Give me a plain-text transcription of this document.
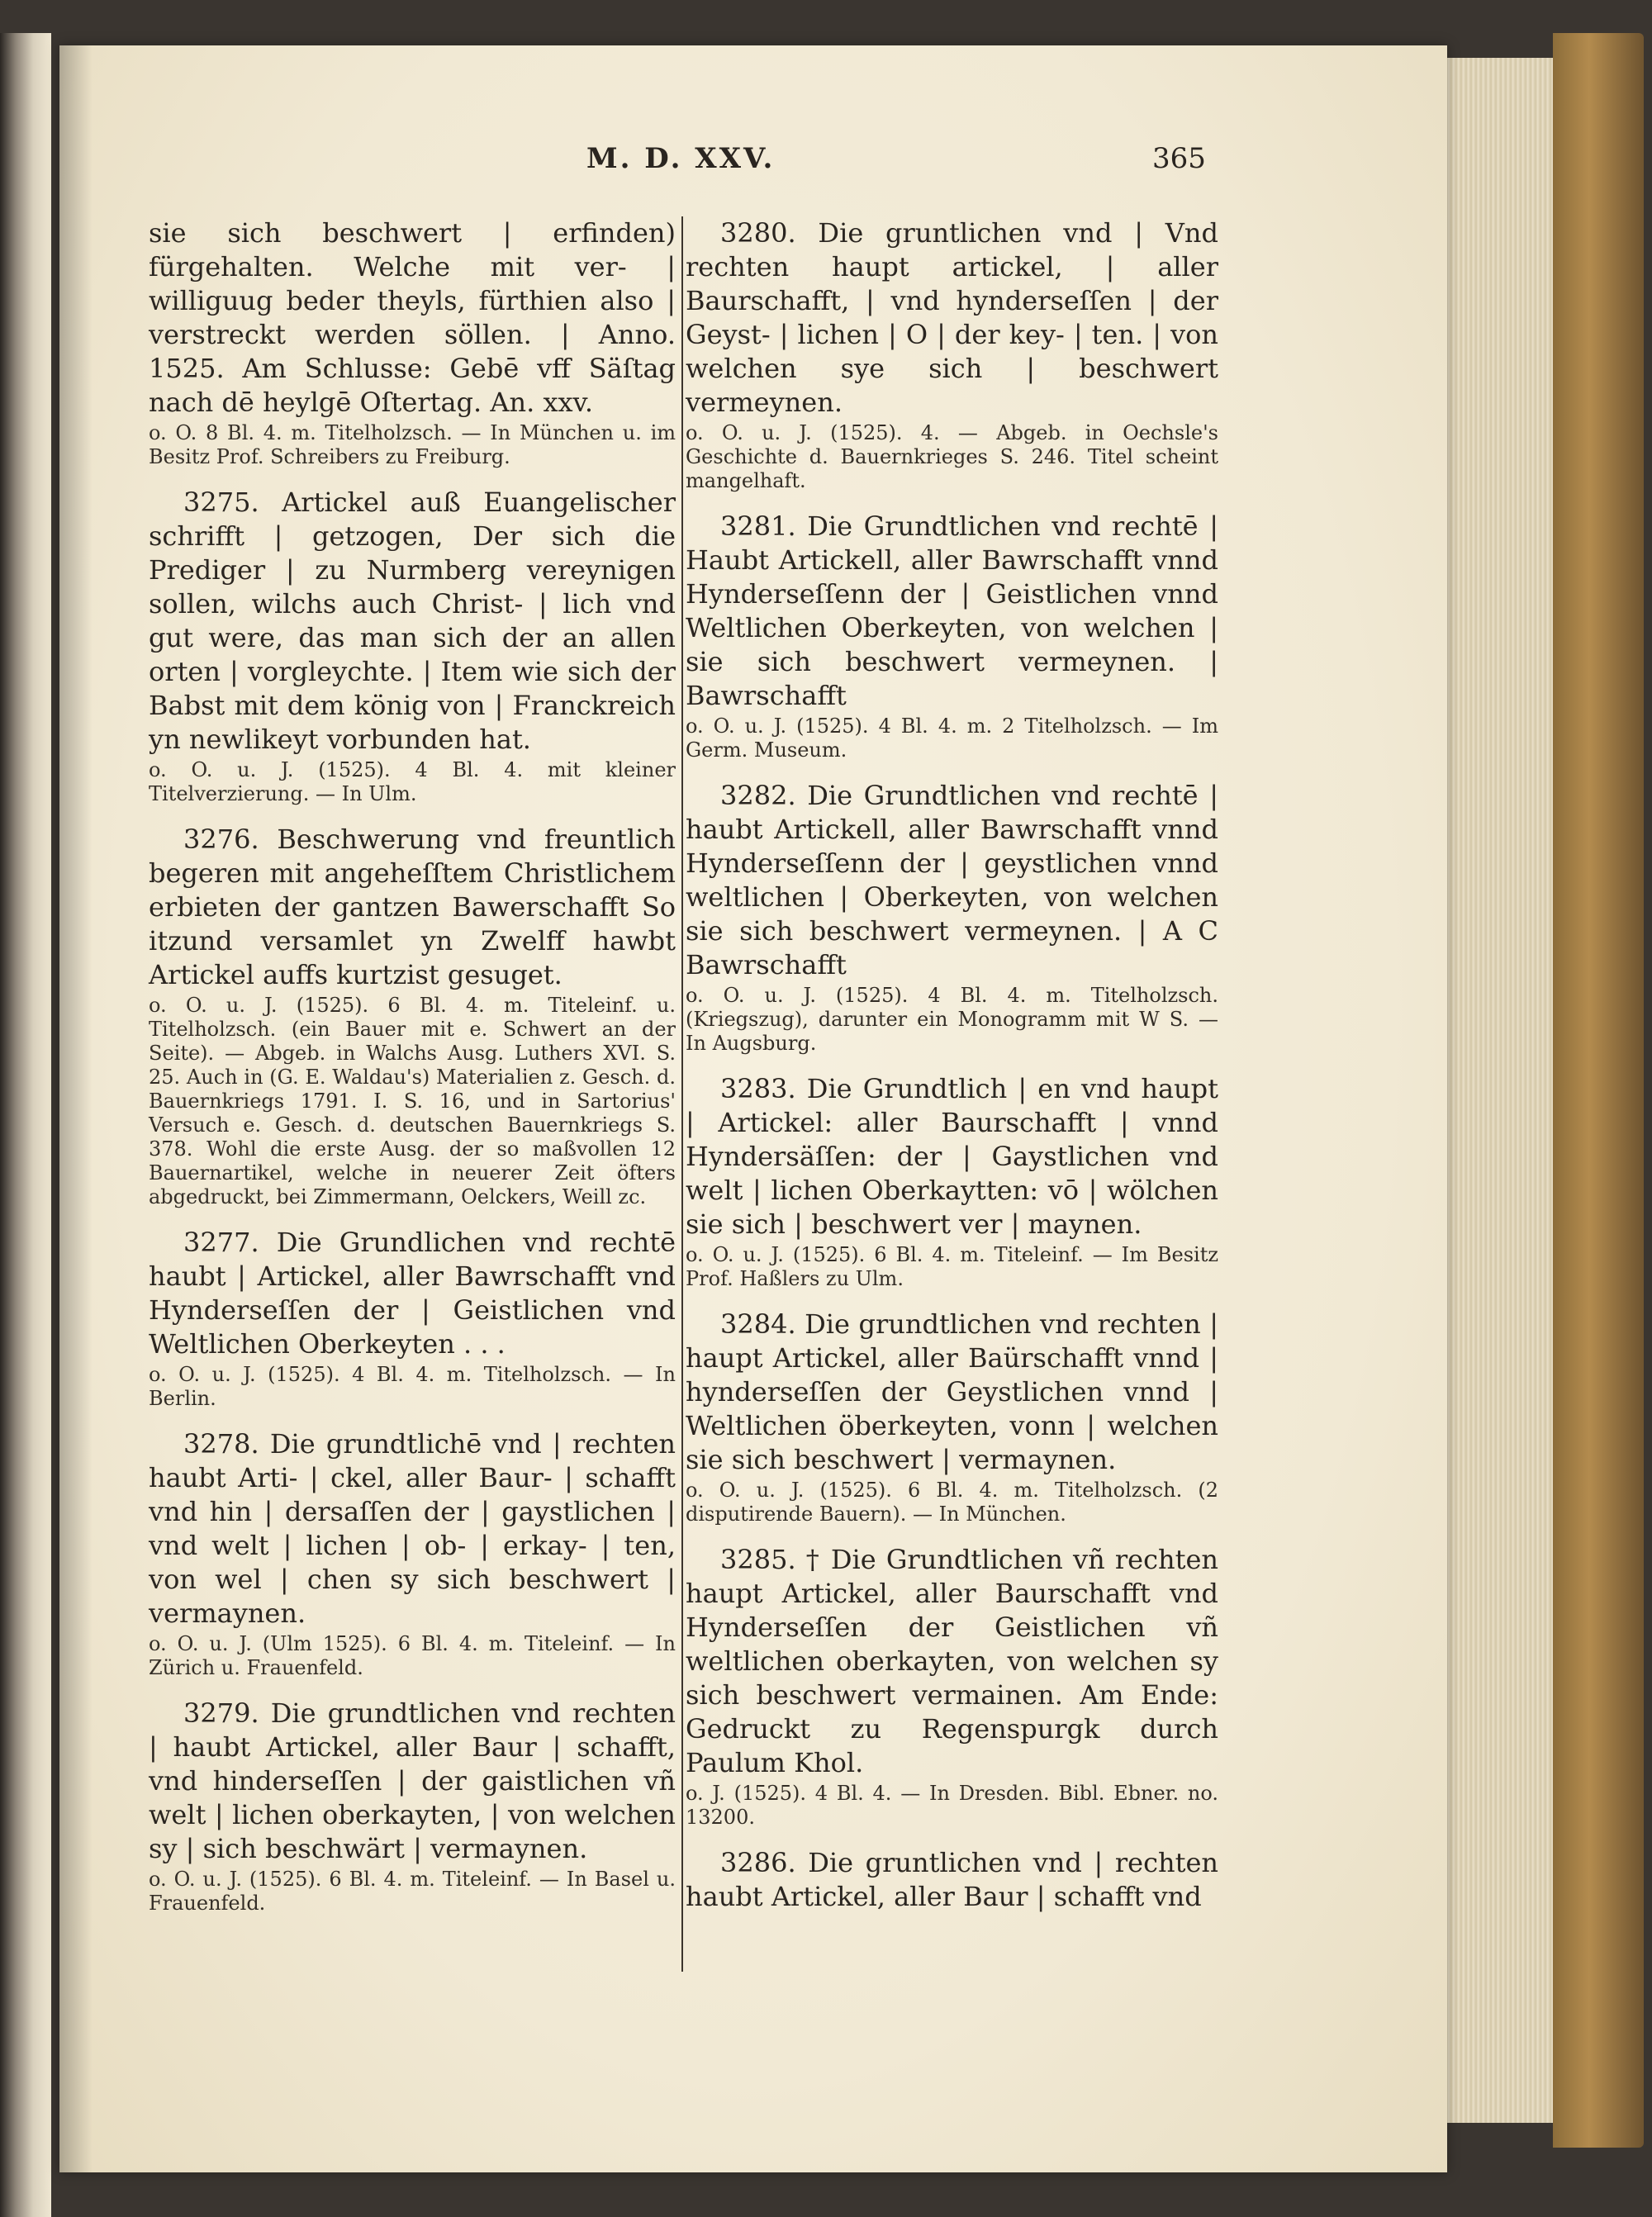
M. D. XXV.	365

sie sich beschwert | erfinden) fürgehalten. Welche mit ver- | williguug beder theyls, fürthien also | verstreckt werden söllen. | Anno. 1525. Am Schlusse: Gebē vff Säſtag nach dē heylgē Oſtertag. An. xxv.

o. O. 8 Bl. 4. m. Titelholzsch. — In München u. im Besitz Prof. Schreibers zu Freiburg.

3275. Artickel auß Euangelischer schrifft | getzogen, Der sich die Prediger | zu Nurmberg vereynigen sollen, wilchs auch Christ- | lich vnd gut were, das man sich der an allen orten | vorgleychte. | Item wie sich der Babst mit dem könig von | Franckreich yn newlikeyt vorbunden hat.

o. O. u. J. (1525). 4 Bl. 4. mit kleiner Titelverzierung. — In Ulm.

3276. Beschwerung vnd freuntlich begeren mit angeheſſtem Christlichem erbieten der gantzen Bawerschafft So itzund versamlet yn Zwelff hawbt Artickel auffs kurtzist gesuget.

o. O. u. J. (1525). 6 Bl. 4. m. Titeleinf. u. Titelholzsch. (ein Bauer mit e. Schwert an der Seite). — Abgeb. in Walchs Ausg. Luthers XVI. S. 25. Auch in (G. E. Waldau's) Materialien z. Gesch. d. Bauernkriegs 1791. I. S. 16, und in Sartorius' Versuch e. Gesch. d. deutschen Bauernkriegs S. 378. Wohl die erste Ausg. der so maßvollen 12 Bauernartikel, welche in neuerer Zeit öfters abgedruckt, bei Zimmermann, Oelckers, Weill zc.

3277. Die Grundlichen vnd rechtē haubt | Artickel, aller Bawrschafft vnd Hynderseſſen der | Geistlichen vnd Weltlichen Oberkeyten . . .

o. O. u. J. (1525). 4 Bl. 4. m. Titelholzsch. — In Berlin.

3278. Die grundtlichē vnd | rechten haubt Arti- | ckel, aller Baur- | schafft vnd hin | dersaſſen der | gaystlichen | vnd welt | lichen | ob- | erkay- | ten, von wel | chen sy sich beschwert | vermaynen.

o. O. u. J. (Ulm 1525). 6 Bl. 4. m. Titeleinf. — In Zürich u. Frauenfeld.

3279. Die grundtlichen vnd rechten | haubt Artickel, aller Baur | schafft, vnd hinderseſſen | der gaistlichen vñ welt | lichen oberkayten, | von welchen sy | sich beschwärt | vermaynen.

o. O. u. J. (1525). 6 Bl. 4. m. Titeleinf. — In Basel u. Frauenfeld.

3280. Die gruntlichen vnd | Vnd rechten haupt artickel, | aller Baurschafft, | vnd hynderseſſen | der Geyst- | lichen | O | der key- | ten. | von welchen sye sich | beschwert vermeynen.

o. O. u. J. (1525). 4. — Abgeb. in Oechsle's Geschichte d. Bauernkrieges S. 246. Titel scheint mangelhaft.

3281. Die Grundtlichen vnd rechtē | Haubt Artickell, aller Bawrschafft vnnd Hynderseſſenn der | Geistlichen vnnd Weltlichen Oberkeyten, von welchen | sie sich beschwert vermeynen. | Bawrschafft

o. O. u. J. (1525). 4 Bl. 4. m. 2 Titelholzsch. — Im Germ. Museum.

3282. Die Grundtlichen vnd rechtē | haubt Artickell, aller Bawrschafft vnnd Hynderseſſenn der | geystlichen vnnd weltlichen | Oberkeyten, von welchen sie sich beschwert vermeynen. | A C Bawrschafft

o. O. u. J. (1525). 4 Bl. 4. m. Titelholzsch. (Kriegszug), darunter ein Monogramm mit W S. — In Augsburg.

3283. Die Grundtlich | en vnd haupt | Artickel: aller Baurschafft | vnnd Hyndersäſſen: der | Gaystlichen vnd welt | lichen Oberkaytten: vō | wölchen sie sich | beschwert ver | maynen.

o. O. u. J. (1525). 6 Bl. 4. m. Titeleinf. — Im Besitz Prof. Haßlers zu Ulm.

3284. Die grundtlichen vnd rechten | haupt Artickel, aller Baürschafft vnnd | hynderseſſen der Geystlichen vnnd | Weltlichen öberkeyten, vonn | welchen sie sich beschwert | vermaynen.

o. O. u. J. (1525). 6 Bl. 4. m. Titelholzsch. (2 disputirende Bauern). — In München.

3285. † Die Grundtlichen vñ rechten haupt Artickel, aller Baurschafft vnd Hynderseſſen der Geistlichen vñ weltlichen oberkayten, von welchen sy sich beschwert vermainen. Am Ende: Gedruckt zu Regenspurgk durch Paulum Khol.

o. J. (1525). 4 Bl. 4. — In Dresden. Bibl. Ebner. no. 13200.

3286. Die gruntlichen vnd | rechten haubt Artickel, aller Baur | schafft vnd
